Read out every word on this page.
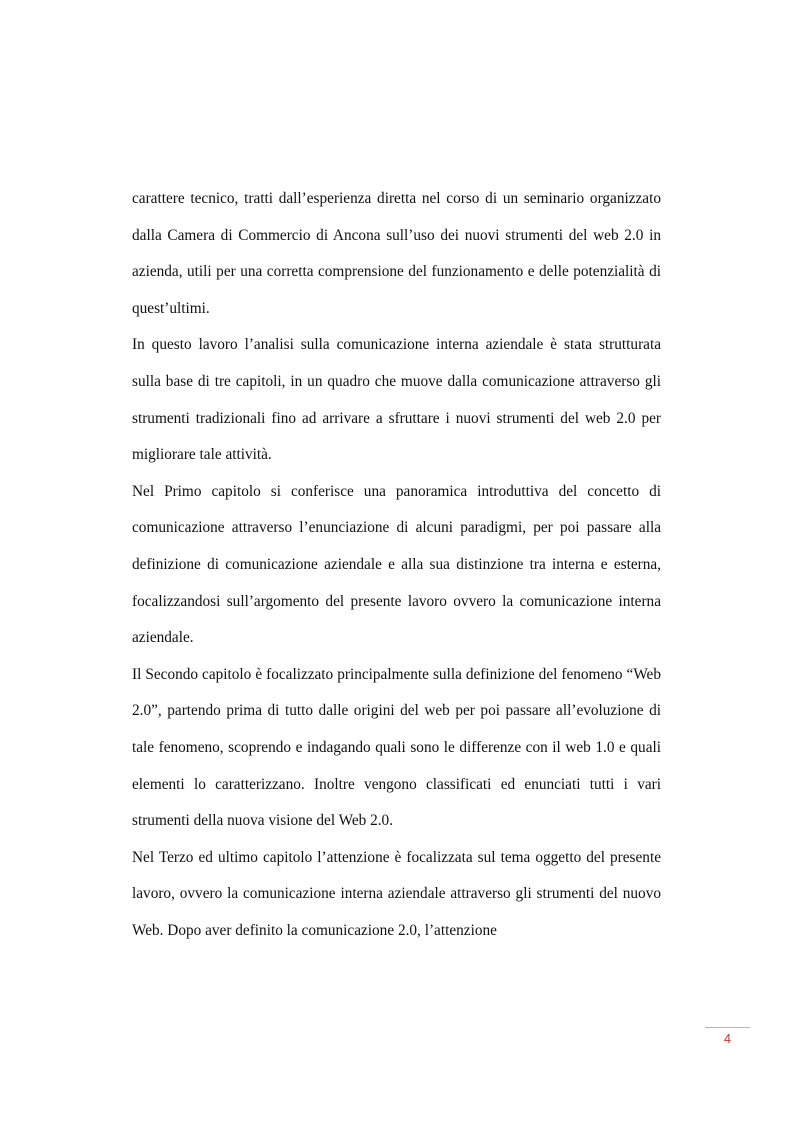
carattere tecnico, tratti dall’esperienza diretta nel corso di un seminario organizzato dalla Camera di Commercio di Ancona sull’uso dei nuovi strumenti del web 2.0 in azienda, utili per una corretta comprensione del funzionamento e delle potenzialità di quest’ultimi.

In questo lavoro l’analisi sulla comunicazione interna aziendale è stata strutturata sulla base di tre capitoli, in un quadro che muove dalla comunicazione attraverso gli strumenti tradizionali fino ad arrivare a sfruttare i nuovi strumenti del web 2.0 per migliorare tale attività.

Nel Primo capitolo si conferisce una panoramica introduttiva del concetto di comunicazione attraverso l’enunciazione di alcuni paradigmi, per poi passare alla definizione di comunicazione aziendale e alla sua distinzione tra interna e esterna, focalizzandosi sull’argomento del presente lavoro ovvero la comunicazione interna aziendale.

Il Secondo capitolo è focalizzato principalmente sulla definizione del fenomeno “Web 2.0”, partendo prima di tutto dalle origini del web per poi passare all’evoluzione di tale fenomeno, scoprendo e indagando quali sono le differenze con il web 1.0 e quali elementi lo caratterizzano. Inoltre vengono classificati ed enunciati tutti i vari strumenti della nuova visione del Web 2.0.

Nel Terzo ed ultimo capitolo l’attenzione è focalizzata sul tema oggetto del presente lavoro, ovvero la comunicazione interna aziendale attraverso gli strumenti del nuovo Web. Dopo aver definito la comunicazione 2.0, l’attenzione

4
